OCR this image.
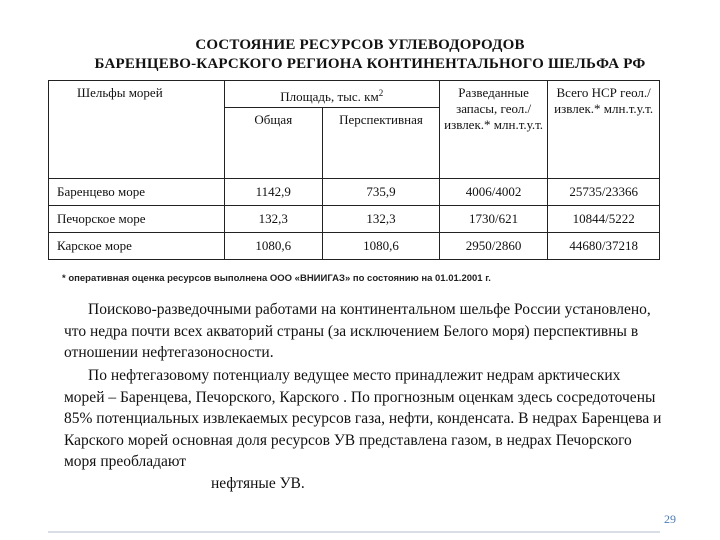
СОСТОЯНИЕ РЕСУРСОВ УГЛЕВОДОРОДОВ
БАРЕНЦЕВО-КАРСКОГО РЕГИОНА КОНТИНЕНТАЛЬНОГО ШЕЛЬФА РФ
Шельфы морей	Площадь, тыс. $км^2$		Разведанные запасы, геол./извлек.* млн.т.у.т.	Всего НСР геол./извлек.* млн.т.у.т.
	Общая	Перспективная		
Баренцево море	1142,9	735,9	4006/4002	25735/23366
Печорское море	132,3	132,3	1730/621	10844/5222
Карское море	1080,6	1080,6	2950/2860	44680/37218
* оперативная оценка ресурсов выполнена ООО «ВНИИГАЗ» по состоянию на 01.01.2001 г.
Поисково-разведочными работами на континентальном шельфе России установлено, что недра почти всех акваторий страны (за исключением Белого моря) перспективны в отношении нефтегазоносности.
По нефтегазовому потенциалу ведущее место принадлежит недрам арктических морей – Баренцева, Печорского, Карского . По прогнозным оценкам здесь сосредоточены 85% потенциальных извлекаемых ресурсов газа, нефти, конденсата. В недрах Баренцева и Карского морей основная доля ресурсов УВ представлена газом, в недрах Печорского моря преобладают
нефтяные УВ.
29
